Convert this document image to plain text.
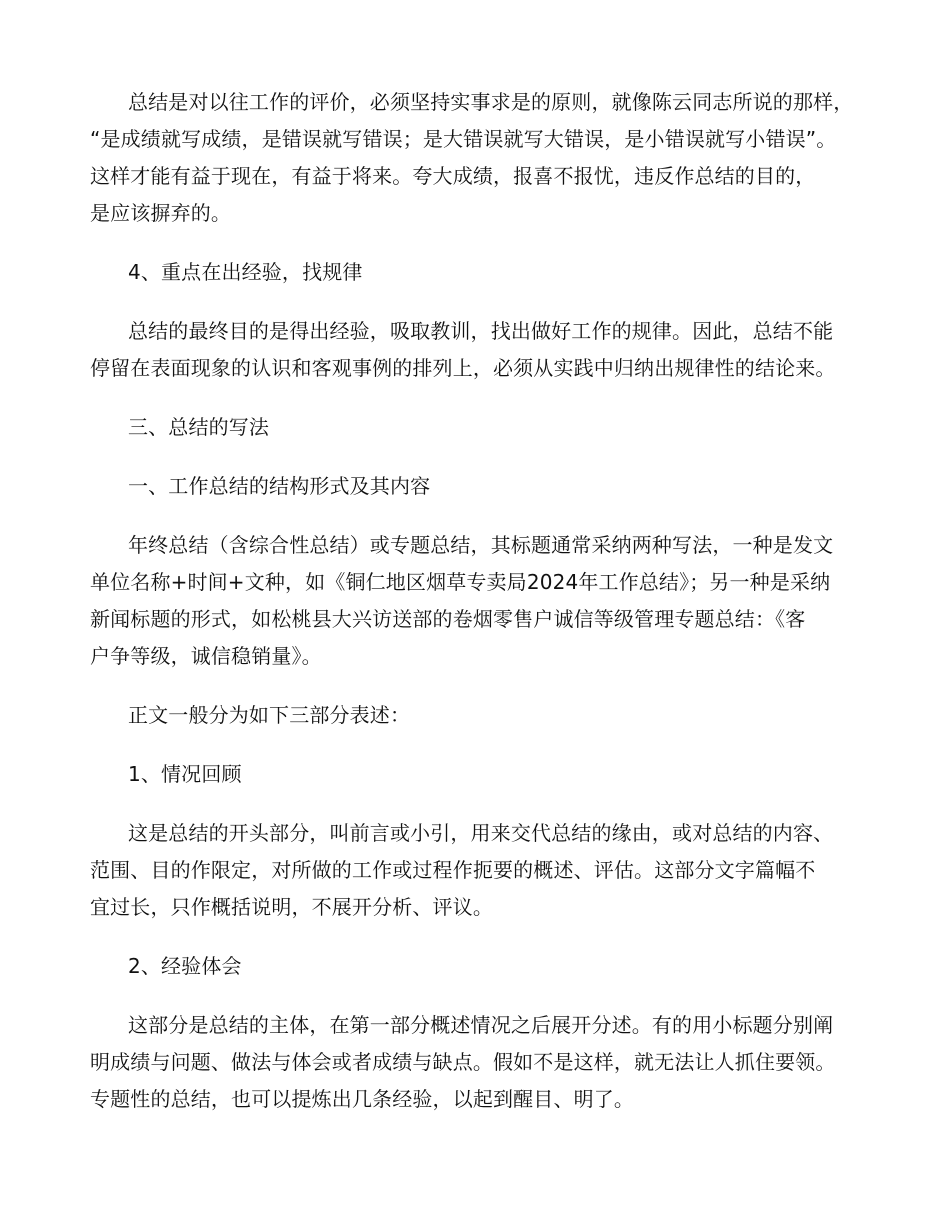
总结是对以往工作的评价，必须坚持实事求是的原则，就像陈云同志所说的那样，
“是成绩就写成绩，是错误就写错误；是大错误就写大错误，是小错误就写小错误”。
这样才能有益于现在，有益于将来。夸大成绩，报喜不报忧，违反作总结的目的，
是应该摒弃的。
4、重点在出经验，找规律
总结的最终目的是得出经验，吸取教训，找出做好工作的规律。因此，总结不能
停留在表面现象的认识和客观事例的排列上，必须从实践中归纳出规律性的结论来。
三、总结的写法
一、工作总结的结构形式及其内容
年终总结（含综合性总结）或专题总结，其标题通常采纳两种写法，一种是发文
单位名称+时间+文种，如《铜仁地区烟草专卖局2024年工作总结》；另一种是采纳
新闻标题的形式，如松桃县大兴访送部的卷烟零售户诚信等级管理专题总结：《客
户争等级，诚信稳销量》。
正文一般分为如下三部分表述：
1、情况回顾
这是总结的开头部分，叫前言或小引，用来交代总结的缘由，或对总结的内容、
范围、目的作限定，对所做的工作或过程作扼要的概述、评估。这部分文字篇幅不
宜过长，只作概括说明，不展开分析、评议。
2、经验体会
这部分是总结的主体，在第一部分概述情况之后展开分述。有的用小标题分别阐
明成绩与问题、做法与体会或者成绩与缺点。假如不是这样，就无法让人抓住要领。
专题性的总结，也可以提炼出几条经验，以起到醒目、明了。
